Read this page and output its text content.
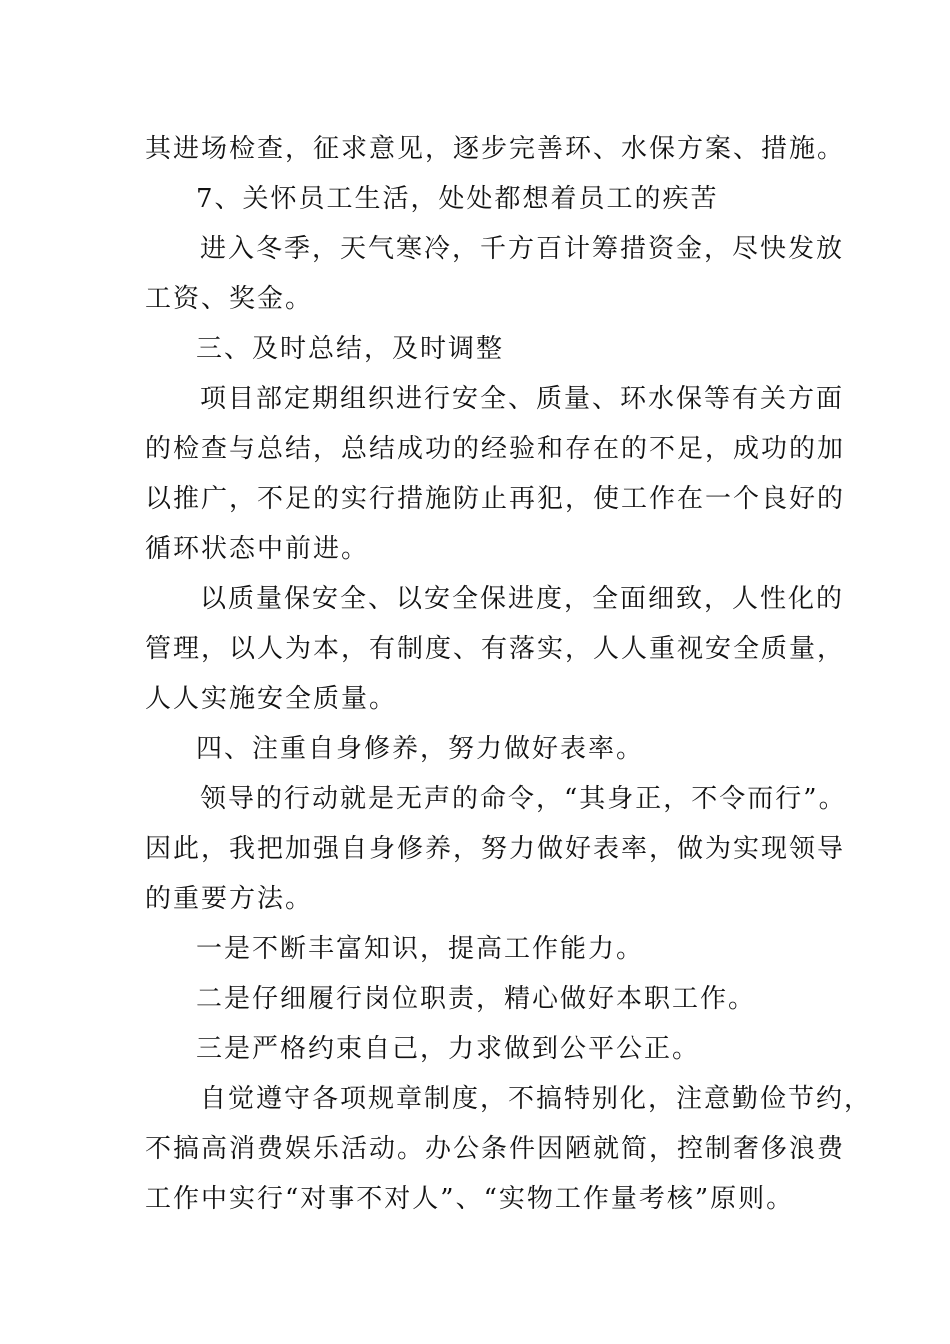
其进场检查，征求意见，逐步完善环、水保方案、措施。

7、关怀员工生活，处处都想着员工的疾苦

进入冬季，天气寒冷，千方百计筹措资金，尽快发放

工资、奖金。

三、及时总结，及时调整

项目部定期组织进行安全、质量、环水保等有关方面

的检查与总结，总结成功的经验和存在的不足，成功的加

以推广，不足的实行措施防止再犯，使工作在一个良好的

循环状态中前进。

以质量保安全、以安全保进度，全面细致，人性化的

管理，以人为本，有制度、有落实，人人重视安全质量，

人人实施安全质量。

四、注重自身修养，努力做好表率。

领导的行动就是无声的命令，“其身正，不令而行”。

因此，我把加强自身修养，努力做好表率，做为实现领导

的重要方法。

一是不断丰富知识，提高工作能力。

二是仔细履行岗位职责，精心做好本职工作。

三是严格约束自己，力求做到公平公正。

自觉遵守各项规章制度，不搞特别化，注意勤俭节约，

不搞高消费娱乐活动。办公条件因陋就简，控制奢侈浪费

工作中实行“对事不对人”、“实物工作量考核”原则。
